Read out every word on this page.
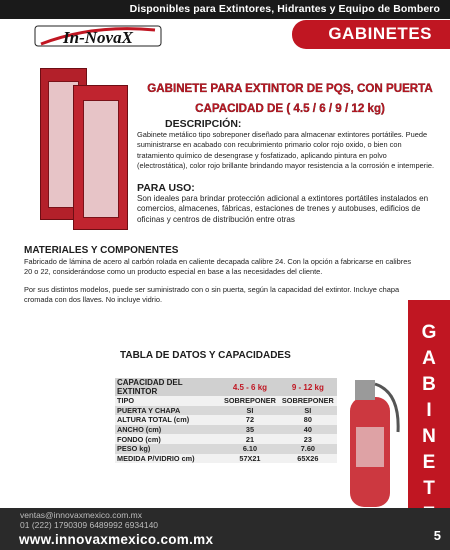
Disponibles para Extintores, Hidrantes y Equipo de Bombero
In-NovaX	GABINETES
GABINETE PARA EXTINTOR DE PQS, CON PUERTA
CAPACIDAD DE ( 4.5 / 6 / 9 / 12 kg)
DESCRIPCIÓN:
Gabinete metálico tipo sobreponer diseñado para almacenar extintores portátiles. Puede suministrarse en acabado con recubrimiento primario color rojo oxido, o bien con tratamiento químico de desengrase y fosfatizado, aplicando pintura en polvo (electrostática), color rojo brillante brindando mayor resistencia a la corrosión e intemperie.
PARA USO:
Son ideales para brindar protección adicional a extintores portátiles instalados en comercios, almacenes, fábricas, estaciones de trenes y autobuses, edificios de oficinas y centros de distribución entre otras
MATERIALES Y COMPONENTES
Fabricado de lámina de acero al carbón rolada en caliente decapada calibre 24. Con la opción a fabricarse en calibres 20 o 22, considerándose como un producto especial en base a las necesidades del cliente.
Por sus distintos modelos, puede ser suministrado con o sin puerta, según la capacidad del extintor. Incluye chapa cromada con dos llaves. No incluye vidrio.
TABLA DE DATOS Y CAPACIDADES
CAPACIDAD DEL EXTINTOR	4.5 - 6 kg	9 - 12 kg
TIPO	SOBREPONER	SOBREPONER
PUERTA Y CHAPA	SI	SI
ALTURA TOTAL (cm)	72	80
ANCHO (cm)	35	40
FONDO (cm)	21	23
PESO kg)	6.10	7.60
MEDIDA P/VIDRIO cm)	57X21	65X26
G
A
B
I
N
E
T
ventas@innovaxmexico.com.mx
01 (222) 1790309 6489992 6934140
www.innovaxmexico.com.mx	5
